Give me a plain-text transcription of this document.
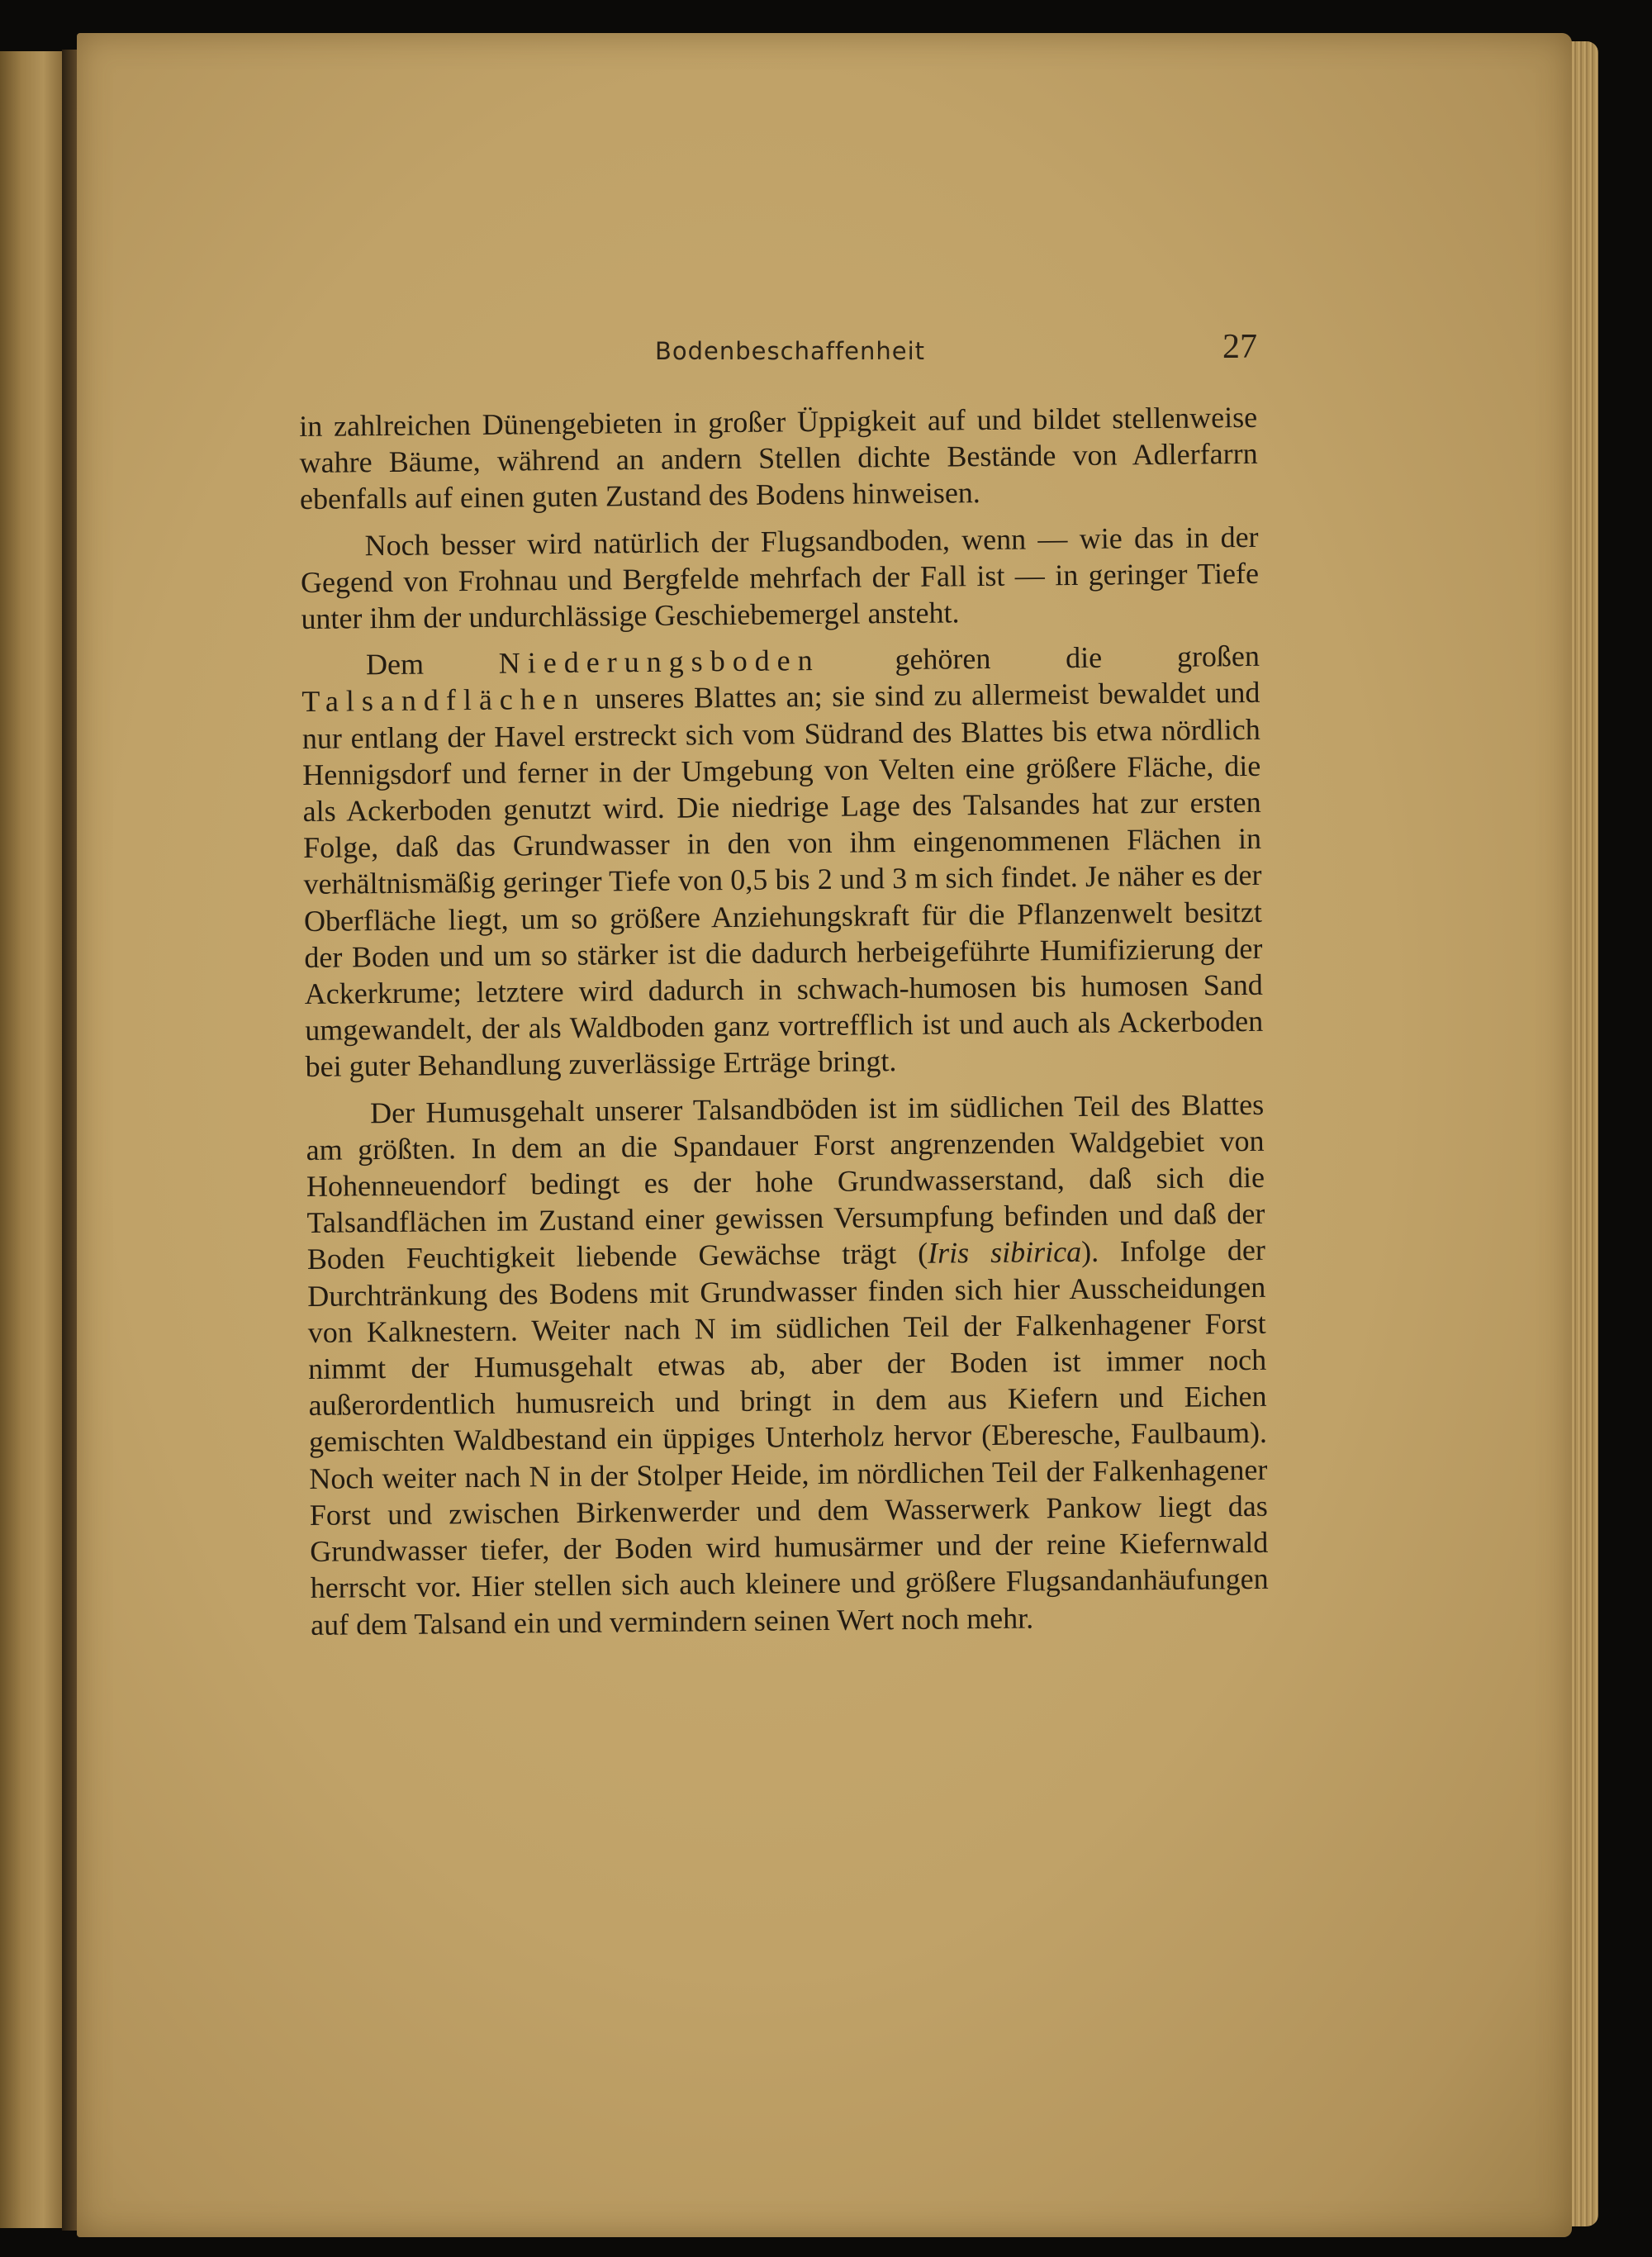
Bodenbeschaffenheit	27

in zahlreichen Dünengebieten in großer Üppigkeit auf und bildet stellenweise wahre Bäume, während an andern Stellen dichte Bestände von Adlerfarrn ebenfalls auf einen guten Zustand des Bodens hinweisen.

Noch besser wird natürlich der Flugsandboden, wenn — wie das in der Gegend von Frohnau und Bergfelde mehrfach der Fall ist — in geringer Tiefe unter ihm der undurchlässige Geschiebemergel ansteht.

Dem Niederungsboden gehören die großen Talsandflächen unseres Blattes an; sie sind zu allermeist bewaldet und nur entlang der Havel erstreckt sich vom Südrand des Blattes bis etwa nördlich Hennigsdorf und ferner in der Umgebung von Velten eine größere Fläche, die als Ackerboden genutzt wird. Die niedrige Lage des Talsandes hat zur ersten Folge, daß das Grundwasser in den von ihm eingenommenen Flächen in verhältnismäßig geringer Tiefe von 0,5 bis 2 und 3 m sich findet. Je näher es der Oberfläche liegt, um so größere Anziehungskraft für die Pflanzenwelt besitzt der Boden und um so stärker ist die dadurch herbeigeführte Humifizierung der Ackerkrume; letztere wird dadurch in schwach-humosen bis humosen Sand umgewandelt, der als Waldboden ganz vortrefflich ist und auch als Ackerboden bei guter Behandlung zuverlässige Erträge bringt.

Der Humusgehalt unserer Talsandböden ist im südlichen Teil des Blattes am größten. In dem an die Spandauer Forst angrenzenden Waldgebiet von Hohenneuendorf bedingt es der hohe Grundwasserstand, daß sich die Talsandflächen im Zustand einer gewissen Versumpfung befinden und daß der Boden Feuchtigkeit liebende Gewächse trägt (Iris sibirica). Infolge der Durchtränkung des Bodens mit Grundwasser finden sich hier Ausscheidungen von Kalknestern. Weiter nach N im südlichen Teil der Falkenhagener Forst nimmt der Humusgehalt etwas ab, aber der Boden ist immer noch außerordentlich humusreich und bringt in dem aus Kiefern und Eichen gemischten Waldbestand ein üppiges Unterholz hervor (Eberesche, Faulbaum). Noch weiter nach N in der Stolper Heide, im nördlichen Teil der Falkenhagener Forst und zwischen Birkenwerder und dem Wasserwerk Pankow liegt das Grundwasser tiefer, der Boden wird humusärmer und der reine Kiefernwald herrscht vor. Hier stellen sich auch kleinere und größere Flugsandanhäufungen auf dem Talsand ein und vermindern seinen Wert noch mehr.
